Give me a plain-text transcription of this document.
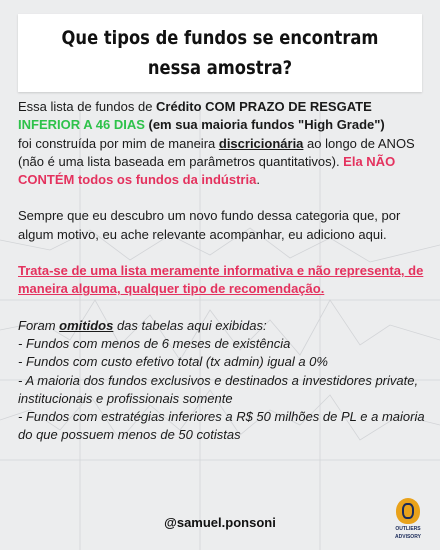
Que tipos de fundos se encontram
nessa amostra?

Essa lista de fundos de Crédito COM PRAZO DE RESGATE
INFERIOR A 46 DIAS (em sua maioria fundos "High Grade")
foi construída por mim de maneira discricionária ao longo de ANOS (não é uma lista baseada em parâmetros quantitativos). Ela NÃO CONTÉM todos os fundos da indústria.

Sempre que eu descubro um novo fundo dessa categoria que, por algum motivo, eu ache relevante acompanhar, eu adiciono aqui.

Trata-se de uma lista meramente informativa e não representa, de maneira alguma, qualquer tipo de recomendação.

Foram omitidos das tabelas aqui exibidas:

- Fundos com menos de 6 meses de existência

- Fundos com custo efetivo total (tx admin) igual a 0%

- A maioria dos fundos exclusivos e destinados a investidores private, institucionais e profissionais somente

- Fundos com estratégias inferiores a R$ 50 milhões de PL e a maioria do que possuem menos de 50 cotistas

@samuel.ponsoni	OUTLIERS
ADVISORY
